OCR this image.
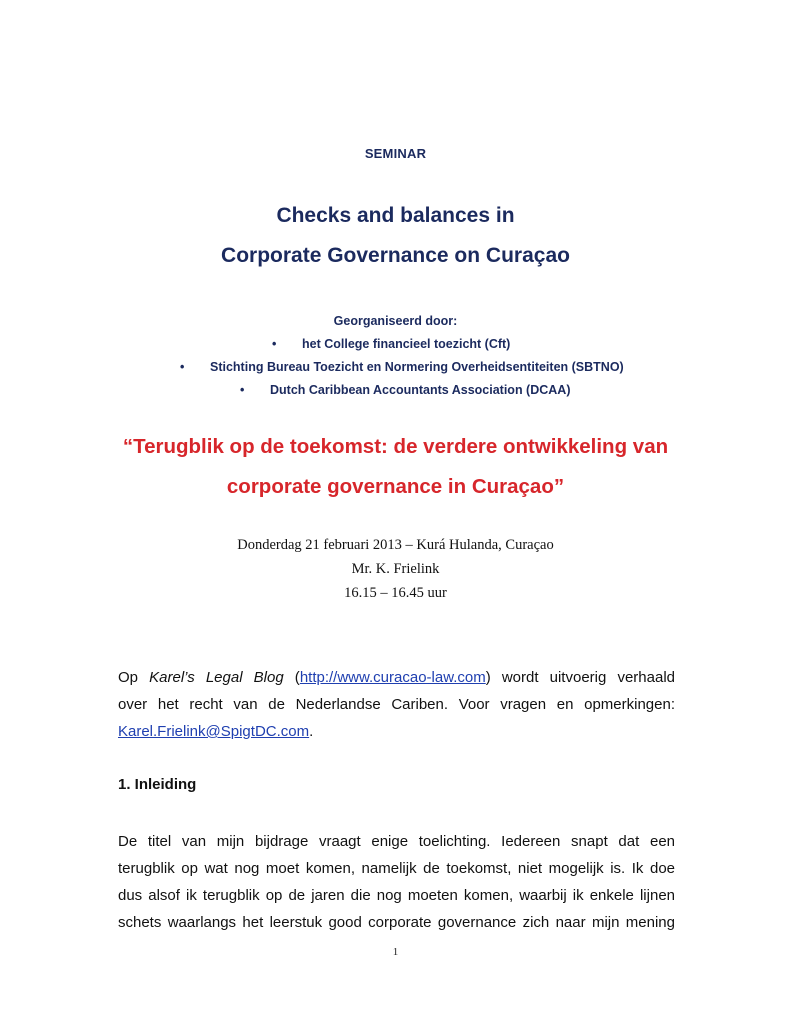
SEMINAR
Checks and balances in
Corporate Governance on Curaçao
Georganiseerd door:
• het College financieel toezicht (Cft)
• Stichting Bureau Toezicht en Normering Overheidsentiteiten (SBTNO)
• Dutch Caribbean Accountants Association (DCAA)
“Terugblik op de toekomst: de verdere ontwikkeling van
corporate governance in Curaçao”
Donderdag 21 februari 2013 – Kurá Hulanda, Curaçao
Mr. K. Frielink
16.15 – 16.45 uur
Op Karel’s Legal Blog (http://www.curacao-law.com) wordt uitvoerig verhaald
over het recht van de Nederlandse Cariben. Voor vragen en opmerkingen:
Karel.Frielink@SpigtDC.com.
1. Inleiding
De titel van mijn bijdrage vraagt enige toelichting. Iedereen snapt dat een
terugblik op wat nog moet komen, namelijk de toekomst, niet mogelijk is. Ik doe
dus alsof ik terugblik op de jaren die nog moeten komen, waarbij ik enkele lijnen
schets waarlangs het leerstuk good corporate governance zich naar mijn mening
1
